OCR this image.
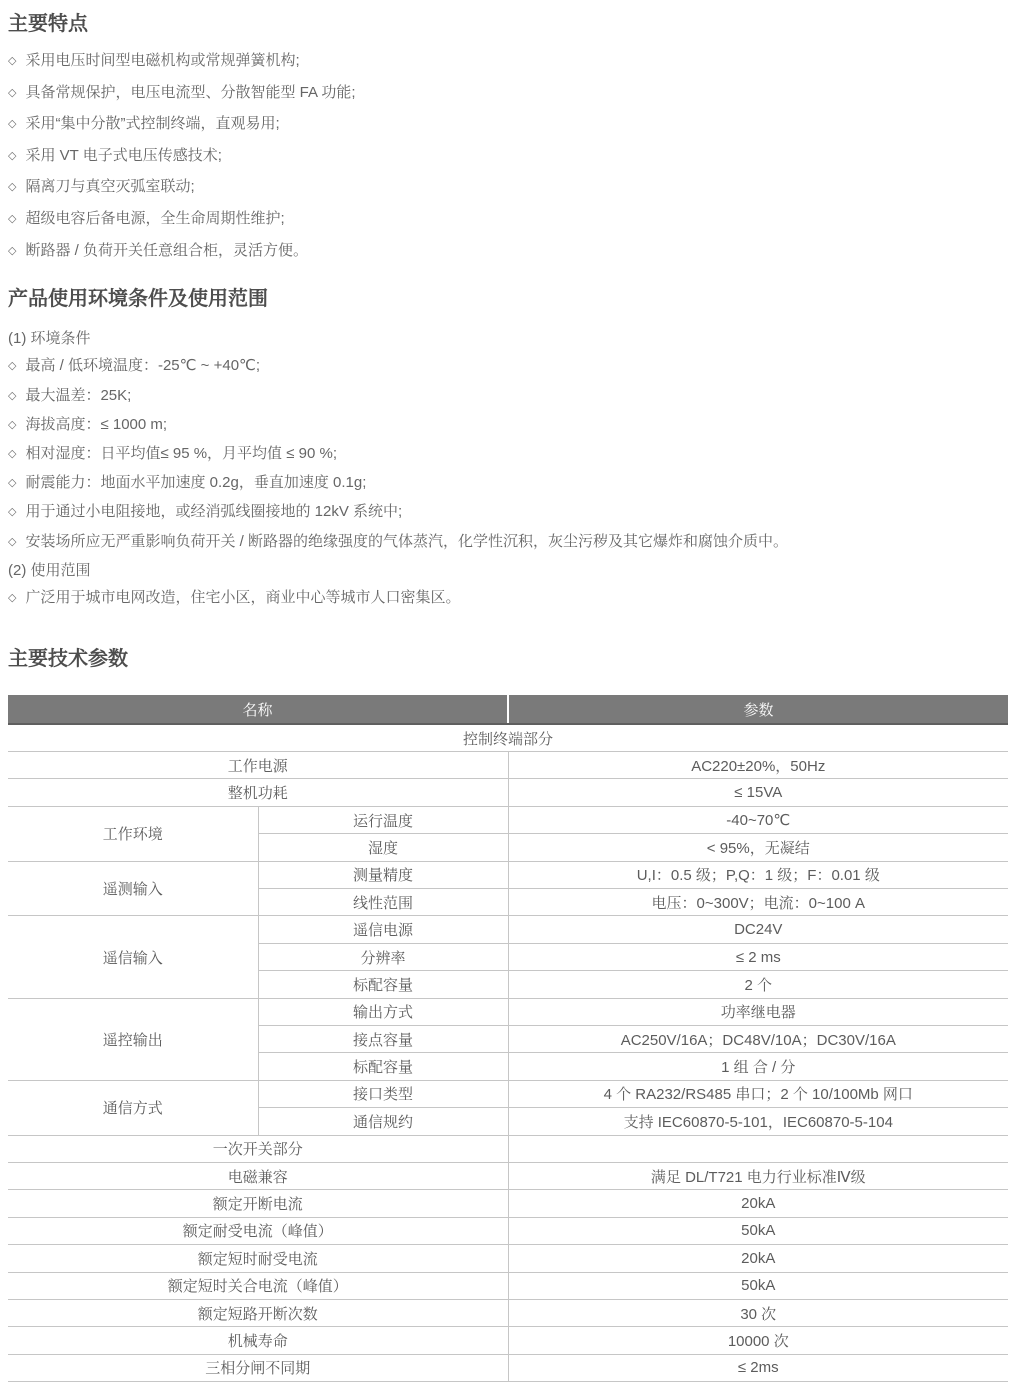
主要特点
◇ 采用电压时间型电磁机构或常规弹簧机构;
◇ 具备常规保护，电压电流型、分散智能型 FA 功能;
◇ 采用“集中分散”式控制终端，直观易用;
◇ 采用 VT 电子式电压传感技术;
◇ 隔离刀与真空灭弧室联动;
◇ 超级电容后备电源，全生命周期性维护;
◇ 断路器 / 负荷开关任意组合柜，灵活方便。
产品使用环境条件及使用范围
(1) 环境条件
◇ 最高 / 低环境温度：-25℃ ~ +40℃;
◇ 最大温差：25K;
◇ 海拔高度：≤ 1000 m;
◇ 相对湿度：日平均值≤ 95 %，月平均值 ≤ 90 %;
◇ 耐震能力：地面水平加速度 0.2g，垂直加速度 0.1g;
◇ 用于通过小电阻接地，或经消弧线圈接地的 12kV 系统中;
◇ 安装场所应无严重影响负荷开关 / 断路器的绝缘强度的气体蒸汽，化学性沉积，灰尘污秽及其它爆炸和腐蚀介质中。
(2) 使用范围
◇ 广泛用于城市电网改造，住宅小区，商业中心等城市人口密集区。
主要技术参数
名称		参数
控制终端部分		
工作电源		AC220±20%，50Hz
整机功耗		≤ 15VA
工作环境	运行温度	-40~70℃
	湿度	< 95%，无凝结
遥测输入	测量精度	U,I：0.5 级；P,Q：1 级；F：0.01 级
	线性范围	电压：0~300V；电流：0~100 A
遥信输入	遥信电源	DC24V
	分辨率	≤ 2 ms
	标配容量	2 个
遥控输出	输出方式	功率继电器
	接点容量	AC250V/16A；DC48V/10A；DC30V/16A
	标配容量	1 组 合 / 分
通信方式	接口类型	4 个 RA232/RS485 串口；2 个 10/100Mb 网口
	通信规约	支持 IEC60870-5-101，IEC60870-5-104
一次开关部分		
电磁兼容		满足 DL/T721 电力行业标准Ⅳ级
额定开断电流		20kA
额定耐受电流（峰值）		50kA
额定短时耐受电流		20kA
额定短时关合电流（峰值）		50kA
额定短路开断次数		30 次
机械寿命		10000 次
三相分闸不同期		≤ 2ms
